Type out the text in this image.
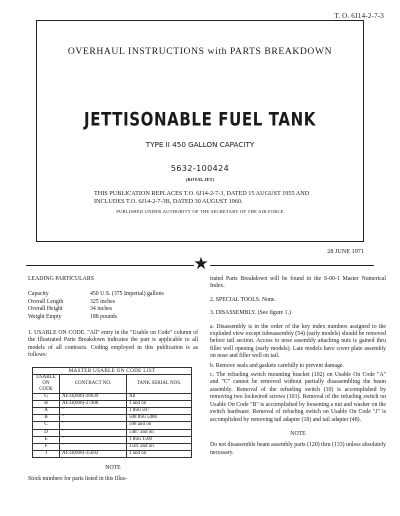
T. O. 6J14-2-7-3
OVERHAUL INSTRUCTIONS with PARTS BREAKDOWN
JETTISONABLE FUEL TANK
TYPE II 450 GALLON CAPACITY
5632-100424
(ROYAL JET)
THIS PUBLICATION REPLACES T.O. 6J14-2-7-3, DATED 15 AUGUST 1955 AND INCLUDES T.O. 6J14-2-7-3B, DATED 30 AUGUST 1960.
PUBLISHED UNDER AUTHORITY OF THE SECRETARY OF THE AIR FORCE
28 JUNE 1971
★
LEADING PARTICULARS
Capacity	450 U.S. (375 Imperial) gallons
Overall Length	325 inches
Overall Height	34 inches
Weight Empty	188 pounds

1. USABLE ON CODE. "All" entry in the "Usable on Code" column of the Illustrated Parts Breakdown indicates the part is applicable to all models of all contracts. Coding employed in this publication is as follows:

MASTER USABLE ON CODE LIST		
USABLE ON CODE	CONTRACT NO.	TANK SERIAL NOS.
G	AF33(600)-20639	All
H	AF33(600)-27408	1 and on
A	"	1 thru 507
B	"	508 thru 5486
C	"	508 and on
D	"	5487 and on
E	"	1 thru 1500
F	"	1501 and on
J	AF33(600)-35692	1 and on
NOTE

Stock numbers for parts listed in this Illus-

trated Parts Breakdown will be found in the S-00-1 Master Numerical Index.

2. SPECIAL TOOLS. None.

3. DISASSEMBLY. (See figure 1.)

a. Disassembly is in the order of the key index numbers assigned to the exploded view except tubeassembly (54) (early models) should be removed before tail section. Access to nose assembly attaching nuts is gained thru filler well opening (early models). Late models have cover plate assembly on nose and filler well on tail.

b. Remove seals and gaskets carefully to prevent damage.

c. The refueling switch mounting bracket (102) on Usable On Code "A" and "C" cannot be removed without partially disassembling the beam assembly. Removal of the refueling switch (10) is accomplished by removing two lockwired screws (101). Removal of the refueling switch on Usable On Code "B" is accomplished by loosening a nut and washer on the switch hardware. Removal of refueling switch on Usable On Code "J" is accomplished by removing tail adapter (18) and tail adapter (48).

NOTE

Do not disassemble beam assembly parts (120) thru (133) unless absolutely necessary.
